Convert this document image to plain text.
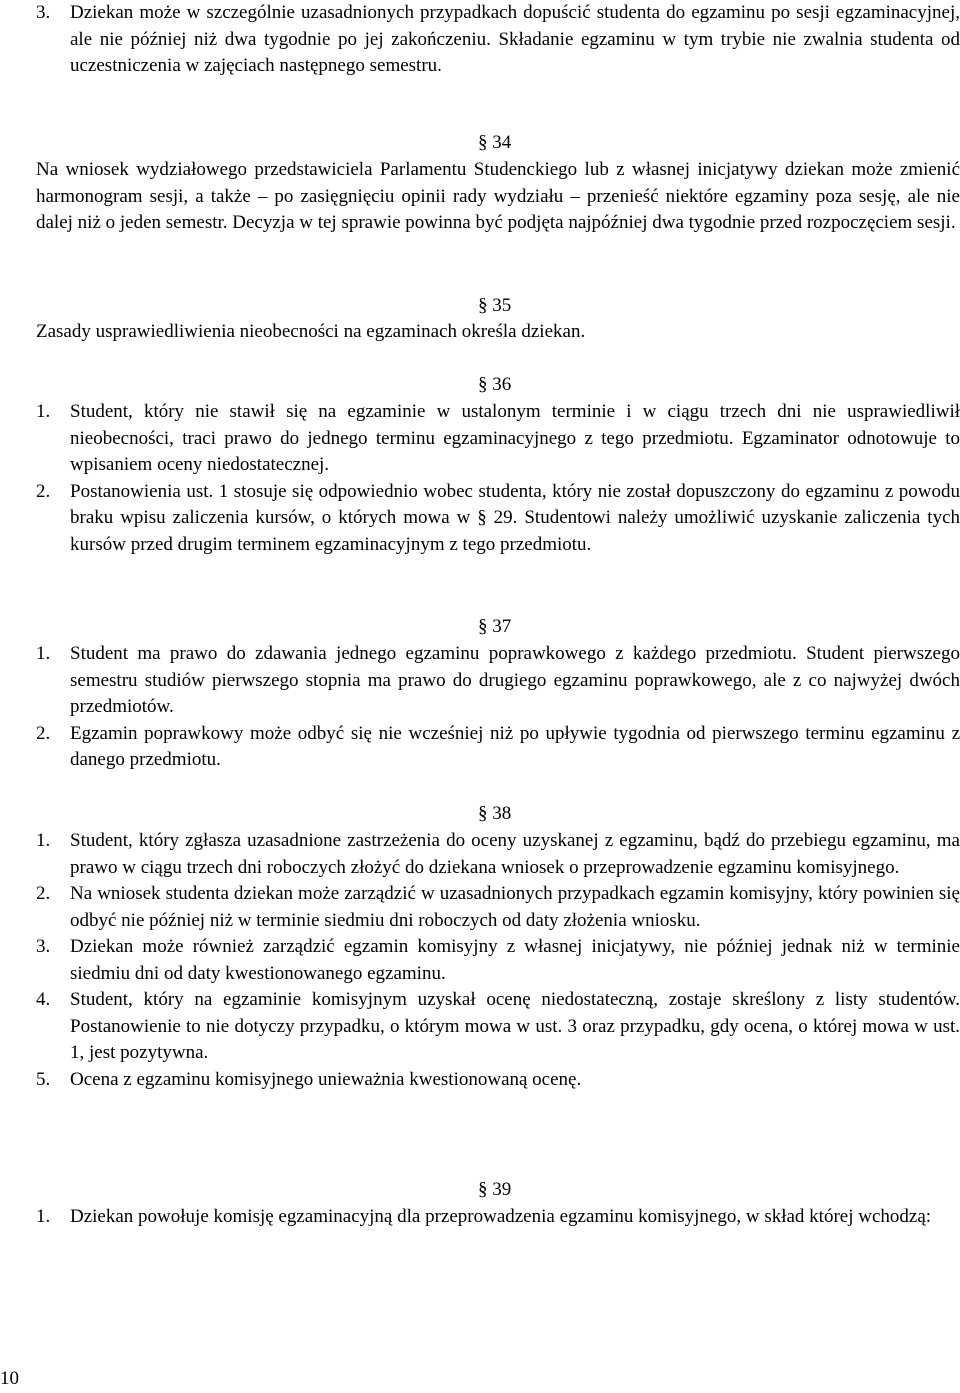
3.	Dziekan może w szczególnie uzasadnionych przypadkach dopuścić studenta do egzaminu po sesji egzaminacyjnej, ale nie później niż dwa tygodnie po jej zakończeniu. Składanie egzaminu w tym trybie nie zwalnia studenta od uczestniczenia w zajęciach następnego semestru.
§ 34
Na wniosek wydziałowego przedstawiciela Parlamentu Studenckiego lub z własnej inicjatywy dziekan może zmienić harmonogram sesji, a także – po zasięgnięciu opinii rady wydziału – przenieść niektóre egzaminy poza sesję, ale nie dalej niż o jeden semestr. Decyzja w tej sprawie powinna być podjęta najpóźniej dwa tygodnie przed rozpoczęciem sesji.
§ 35
Zasady usprawiedliwienia nieobecności na egzaminach określa dziekan.
§ 36
1.	Student, który nie stawił się na egzaminie w ustalonym terminie i w ciągu trzech dni nie usprawiedliwił nieobecności, traci prawo do jednego terminu egzaminacyjnego z tego przedmiotu. Egzaminator odnotowuje to wpisaniem oceny niedostatecznej.
2.	Postanowienia ust. 1 stosuje się odpowiednio wobec studenta, który nie został dopuszczony do egzaminu z powodu braku wpisu zaliczenia kursów, o których mowa w § 29. Studentowi należy umożliwić uzyskanie zaliczenia tych kursów przed drugim terminem egzaminacyjnym z tego przedmiotu.
§ 37
1.	Student ma prawo do zdawania jednego egzaminu poprawkowego z każdego przedmiotu. Student pierwszego semestru studiów pierwszego stopnia ma prawo do drugiego egzaminu poprawkowego, ale z co najwyżej dwóch przedmiotów.
2.	Egzamin poprawkowy może odbyć się nie wcześniej niż po upływie tygodnia od pierwszego terminu egzaminu z danego przedmiotu.
§ 38
1.	Student, który zgłasza uzasadnione zastrzeżenia do oceny uzyskanej z egzaminu, bądź do przebiegu egzaminu, ma prawo w ciągu trzech dni roboczych złożyć do dziekana wniosek o przeprowadzenie egzaminu komisyjnego.
2.	Na wniosek studenta dziekan może zarządzić w uzasadnionych przypadkach egzamin komisyjny, który powinien się odbyć nie później niż w terminie siedmiu dni roboczych od daty złożenia wniosku.
3.	Dziekan może również zarządzić egzamin komisyjny z własnej inicjatywy, nie później jednak niż w terminie siedmiu dni od daty kwestionowanego egzaminu.
4.	Student, który na egzaminie komisyjnym uzyskał ocenę niedostateczną, zostaje skreślony z listy studentów. Postanowienie to nie dotyczy przypadku, o którym mowa w ust. 3 oraz przypadku, gdy ocena, o której mowa w ust. 1, jest pozytywna.
5.	Ocena z egzaminu komisyjnego unieważnia kwestionowaną ocenę.
§ 39
1.	Dziekan powołuje komisję egzaminacyjną dla przeprowadzenia egzaminu komisyjnego, w skład której wchodzą:
10
